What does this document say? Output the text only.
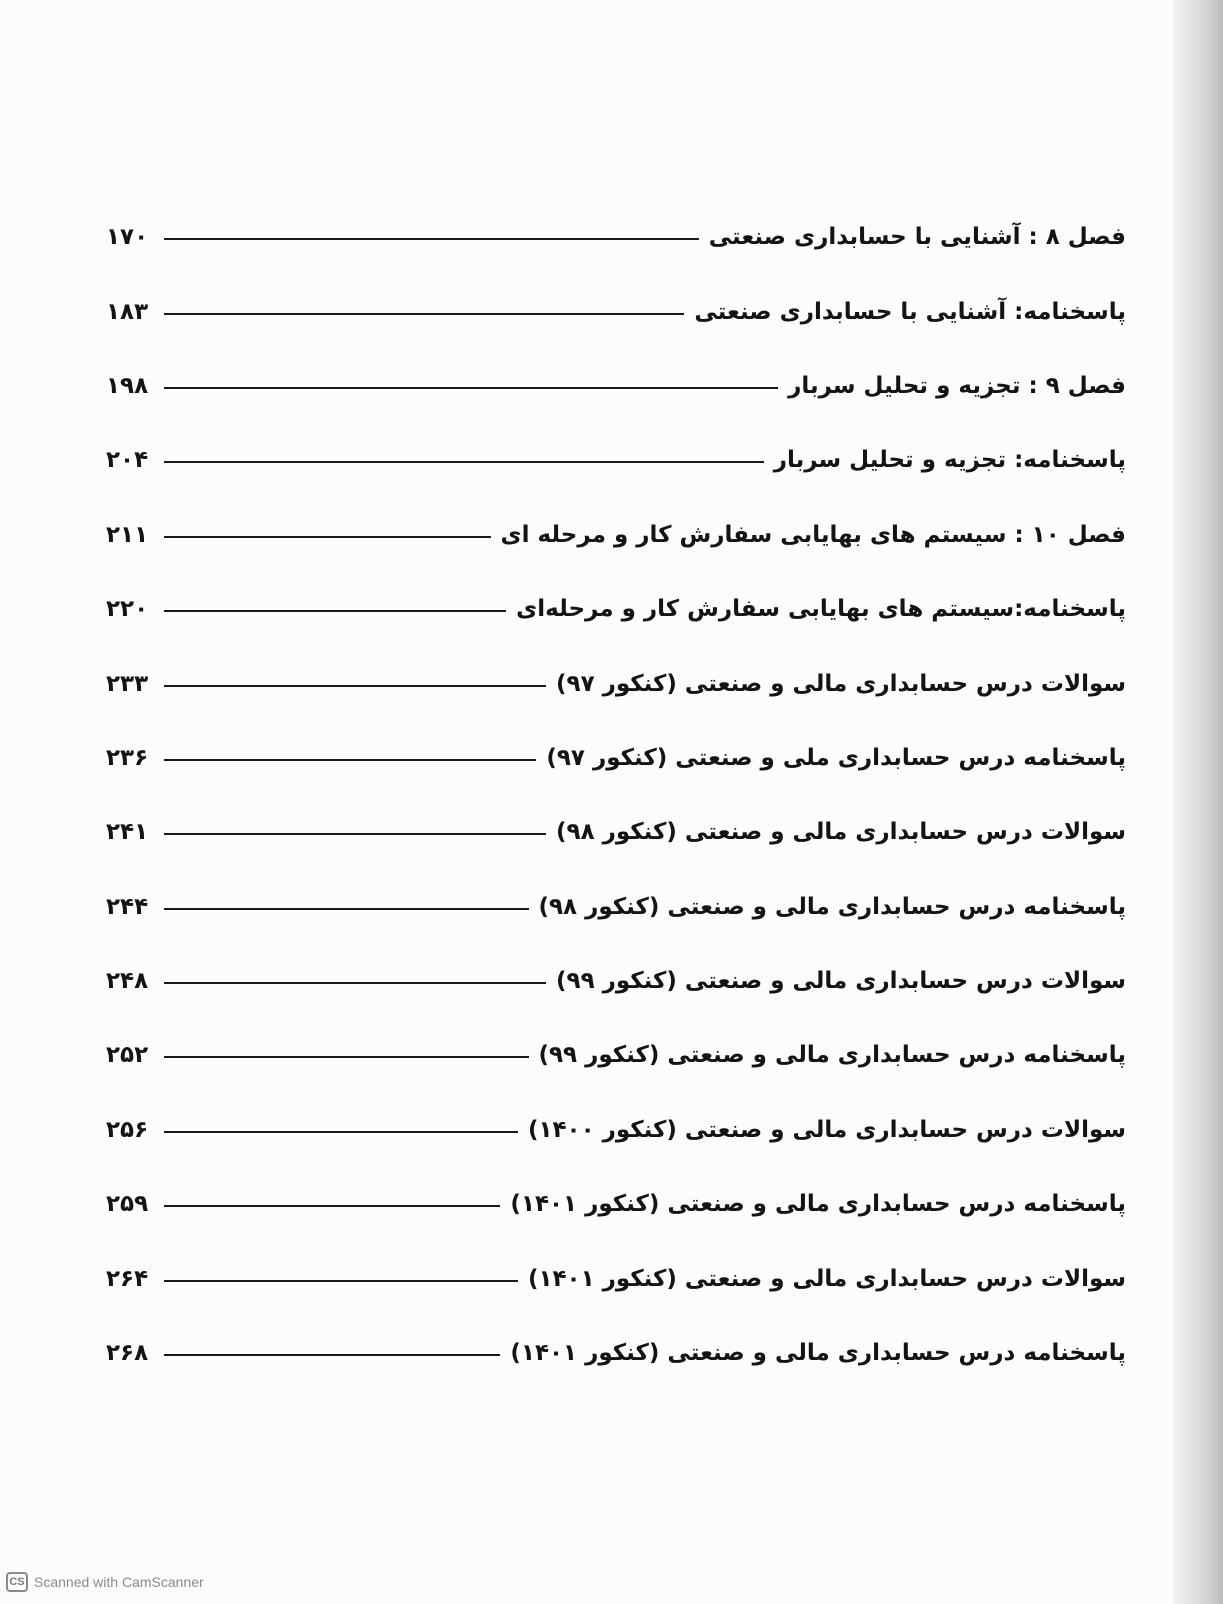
فصل ۸ : آشنایی با حسابداری صنعتی
۱۷۰
پاسخنامه: آشنایی با حسابداری صنعتی
۱۸۳
فصل ۹ : تجزیه و تحلیل سربار
۱۹۸
پاسخنامه: تجزیه و تحلیل سربار
۲۰۴
فصل ۱۰ : سیستم های بهایابی سفارش کار و مرحله ای
۲۱۱
پاسخنامه:سیستم های بهایابی سفارش کار و مرحله‌ای
۲۲۰
سوالات درس حسابداری مالی و صنعتی (کنکور ۹۷)
۲۳۳
پاسخنامه درس حسابداری ملی و صنعتی (کنکور ۹۷)
۲۳۶
سوالات درس حسابداری مالی و صنعتی (کنکور ۹۸)
۲۴۱
پاسخنامه درس حسابداری مالی و صنعتی (کنکور ۹۸)
۲۴۴
سوالات درس حسابداری مالی و صنعتی (کنکور ۹۹)
۲۴۸
پاسخنامه درس حسابداری مالی و صنعتی (کنکور ۹۹)
۲۵۲
سوالات درس حسابداری مالی و صنعتی (کنکور ۱۴۰۰)
۲۵۶
پاسخنامه درس حسابداری مالی و صنعتی (کنکور ۱۴۰۱)
۲۵۹
سوالات درس حسابداری مالی و صنعتی (کنکور ۱۴۰۱)
۲۶۴
پاسخنامه درس حسابداری مالی و صنعتی (کنکور ۱۴۰۱)
۲۶۸
CS Scanned with CamScanner
